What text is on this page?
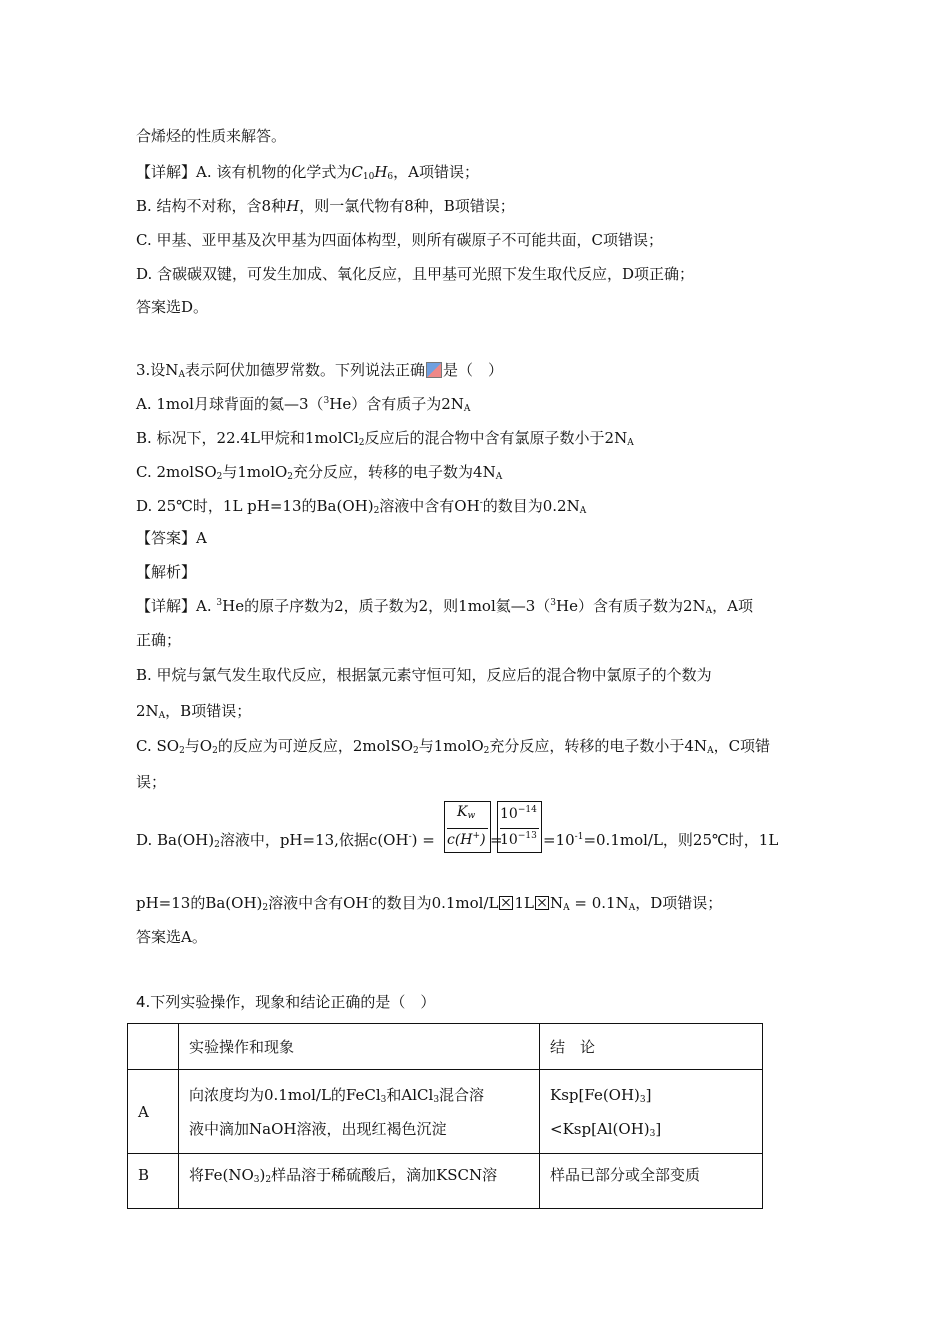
合烯烃的性质来解答。
【详解】A. 该有机物的化学式为$C_{10}H_6$，A项错误；
B. 结构不对称，含8种H，则一氯代物有8种，B项错误；
C. 甲基、亚甲基及次甲基为四面体构型，则所有碳原子不可能共面，C项错误；
D. 含碳碳双键，可发生加成、氧化反应，且甲基可光照下发生取代反应，D项正确；
答案选D。
3.设$N_A$表示阿伏加德罗常数。下列说法正确 是（　）
A. 1mol月球背面的氦—3（$^3$He）含有质子为$2N_A$
B. 标况下，22.4L甲烷和1molCl$_2$反应后的混合物中含有氯原子数小于$2N_A$
C. 2molSO$_2$与1molO$_2$充分反应，转移的电子数为$4N_A$
D. 25℃时，1L pH=13的$Ba(OH)_2$溶液中含有OH-的数目为$0.2N_A$
【答案】A
【解析】
【详解】A. $^3$He的原子序数为2，质子数为2，则1mol氦—3（$^3$He）含有质子数为$2N_A$，A项
正确；
B. 甲烷与氯气发生取代反应，根据氯元素守恒可知，反应后的混合物中氯原子的个数为
$2N_A$，B项错误；
C. $SO_2$与$O_2$的反应为可逆反应，2molSO$_2$与1molO$_2$充分反应，转移的电子数小于$4N_A$，C项错
误；
D. $Ba(OH)_2$溶液中，pH=13,依据c(OH-) =
$K_w$
c(H+) =
$10^{-14}$
$10^{-13} =10^{-1}=0.1mol/L$，则25℃时，1L
pH=13的$Ba(OH)_2$溶液中含有OH-的数目为0.1mol/L 1L $N_A = 0.1N_A$，D项错误；
答案选A。
4.下列实验操作，现象和结论正确的是（　）
	实验操作和现象	结　论
A	向浓度均为0.1mol/L的FeCl$_3$和AlCl$_3$混合溶
液中滴加NaOH溶液，出现红褐色沉淀	$Ksp[Fe(OH)_3]<Ksp[Al(OH)_3]$
B	将$Fe(NO_3)_2$样品溶于稀硫酸后，滴加KSCN溶	样品已部分或全部变质
